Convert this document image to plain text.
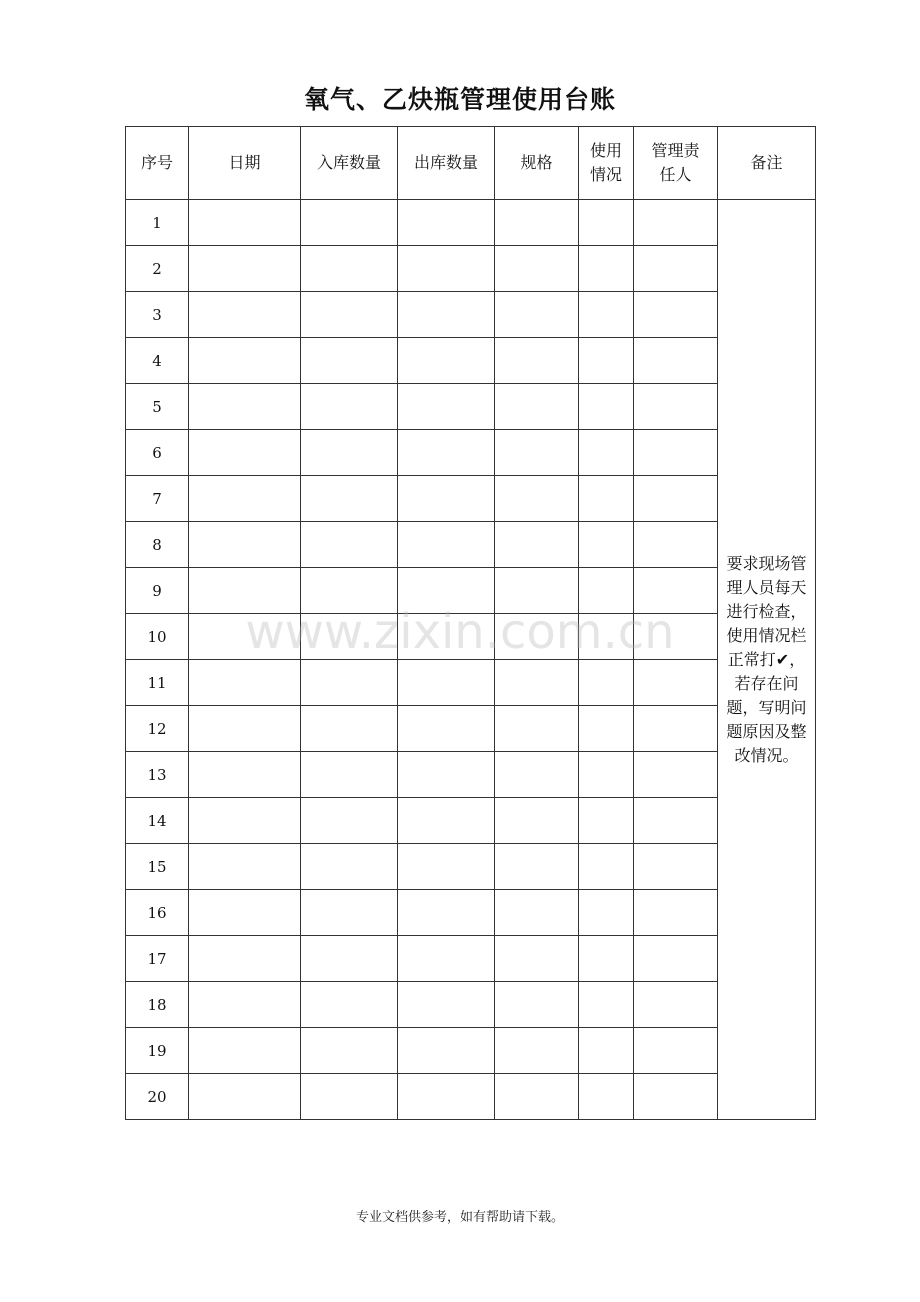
氧气、乙炔瓶管理使用台账
序号	日期	入库数量	出库数量	规格	使用情况	管理责任人	备注
1							要求现场管理人员每天进行检查，使用情况栏正常打✔，若存在问题，写明问题原因及整改情况。
2							
3							
4							
5							
6							
7							
8							
9							
10							
11							
12							
13							
14							
15							
16							
17							
18							
19							
20							
www.zixin.com.cn
专业文档供参考，如有帮助请下载。
